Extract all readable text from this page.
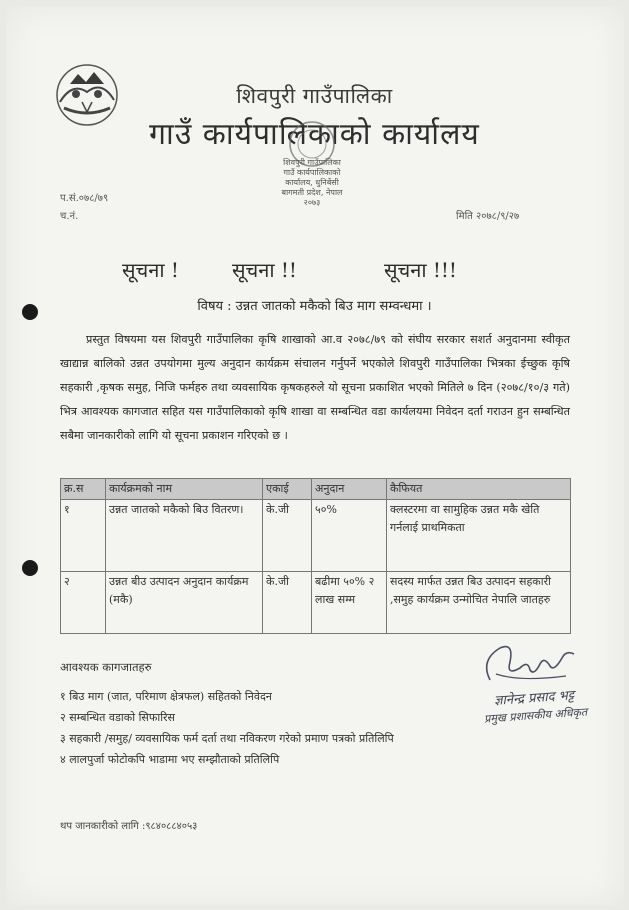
शिवपुरी गाउँपालिका
गाउँ कार्यपालिकाको कार्यालय
शिवपुरी गाउँपालिका
गाउँ कार्यपालिकाको
कार्यालय, धुनिबेंसी
बागमती प्रदेश, नेपाल
२०७३
प.सं.०७८/७९
च.नं.	मिति २०७८/९/२७
सूचना !	सूचना !!	सूचना !!!
विषय : उन्नत जातको मकैको बिउ माग सम्वन्धमा ।
प्रस्तुत विषयमा यस शिवपुरी गाउँपालिका कृषि शाखाको आ.व २०७८/७९ को संघीय सरकार सशर्त अनुदानमा स्वीकृत खाद्यान्न बालिको उन्नत उपयोगमा मुल्य अनुदान कार्यक्रम संचालन गर्नुपर्ने भएकोले शिवपुरी गाउँपालिका भित्रका ईच्छुक कृषि सहकारी ,कृषक समुह, निजि फर्महरु तथा व्यवसायिक कृषकहरुले यो सूचना प्रकाशित भएको मितिले ७ दिन (२०७८/१०/३ गते) भित्र आवश्यक कागजात सहित यस गाउँपालिकाको कृषि शाखा वा सम्बन्धित वडा कार्यलयमा निवेदन दर्ता गराउन हुन सम्बन्धित सबैमा जानकारीको लागि यो सूचना प्रकाशन गरिएको छ ।
क्र.स	कार्यक्रमको नाम	एकाई	अनुदान	कैफियत
१	उन्नत जातको मकैको बिउ वितरण।	के.जी	५०%	क्लस्टरमा वा सामुहिक उन्नत मकै खेति गर्नलाई प्राथमिकता
२	उन्नत बीउ उत्पादन अनुदान कार्यक्रम (मकै)	के.जी	बढीमा ५०% २ लाख सम्म	सदस्य मार्फत उन्नत बिउ उत्पादन सहकारी ,समुह कार्यक्रम उन्मोचित नेपालि जातहरु
आवश्यक कागजातहरु
१ बिउ माग (जात, परिमाण क्षेत्रफल) सहितको निवेदन
२ सम्बन्धित वडाको सिफारिस
३ सहकारी /समुह/ व्यवसायिक फर्म दर्ता तथा नविकरण गरेको प्रमाण पत्रको प्रतिलिपि
४ लालपुर्जा फोटोकपि भाडामा भए सम्झौताको प्रतिलिपि
ज्ञानेन्द्र प्रसाद भट्ट
प्रमुख प्रशासकीय अधिकृत
थप जानकारीको लागि :९८४०८८४०५३
